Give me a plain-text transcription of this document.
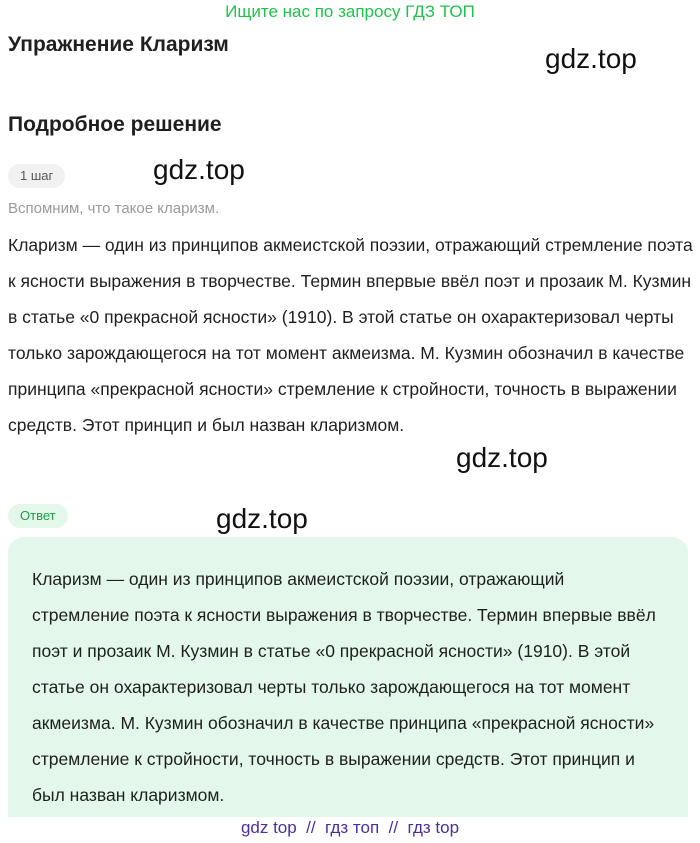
Ищите нас по запросу ГДЗ ТОП
Упражнение Кларизм	gdz.top
Подробное решение
1 шаг	gdz.top
Вспомним, что такое кларизм.

Кларизм — один из принципов акмеистской поэзии, отражающий стремление поэта к ясности выражения в творчестве. Термин впервые ввёл поэт и прозаик М. Кузмин в статье «0 прекрасной ясности» (1910). В этой статье он охарактеризовал черты только зарождающегося на тот момент акмеизма. М. Кузмин обозначил в качестве принципа «прекрасной ясности» стремление к стройности, точность в выражении средств. Этот принцип и был назван кларизмом.

gdz.top
Ответ	gdz.top

Кларизм — один из принципов акмеистской поэзии, отражающий стремление поэта к ясности выражения в творчестве. Термин впервые ввёл поэт и прозаик М. Кузмин в статье «0 прекрасной ясности» (1910). В этой статье он охарактеризовал черты только зарождающегося на тот момент акмеизма. М. Кузмин обозначил в качестве принципа «прекрасной ясности» стремление к стройности, точность в выражении средств. Этот принцип и был назван кларизмом.

gdz top  //  гдз топ  //  гдз top
